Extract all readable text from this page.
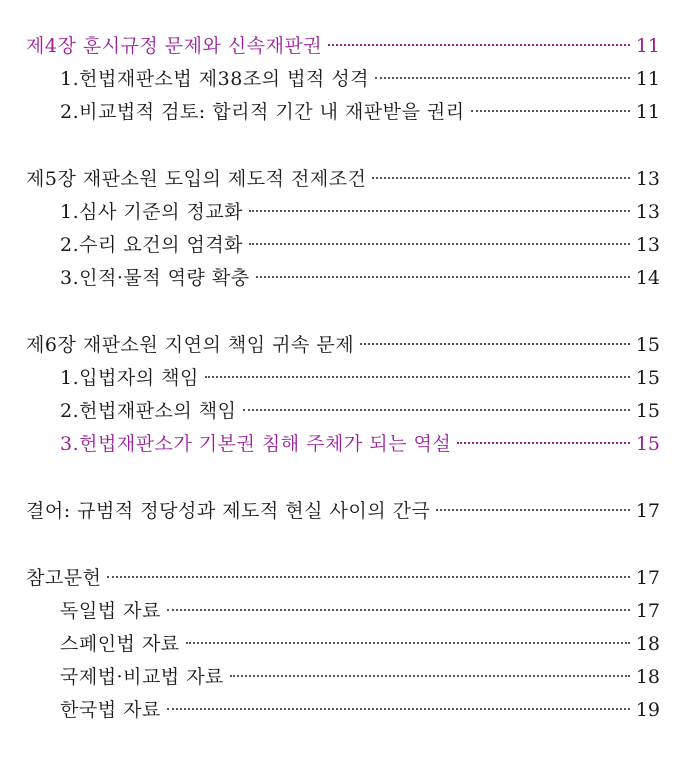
제4장 훈시규정 문제와 신속재판권	11
1.헌법재판소법 제38조의 법적 성격	11
2.비교법적 검토: 합리적 기간 내 재판받을 권리	11
제5장 재판소원 도입의 제도적 전제조건	13
1.심사 기준의 정교화	13
2.수리 요건의 엄격화	13
3.인적·물적 역량 확충	14
제6장 재판소원 지연의 책임 귀속 문제	15
1.입법자의 책임	15
2.헌법재판소의 책임	15
3.헌법재판소가 기본권 침해 주체가 되는 역설	15
결어: 규범적 정당성과 제도적 현실 사이의 간극	17
참고문헌	17
독일법 자료	17
스페인법 자료	18
국제법·비교법 자료	18
한국법 자료	19
